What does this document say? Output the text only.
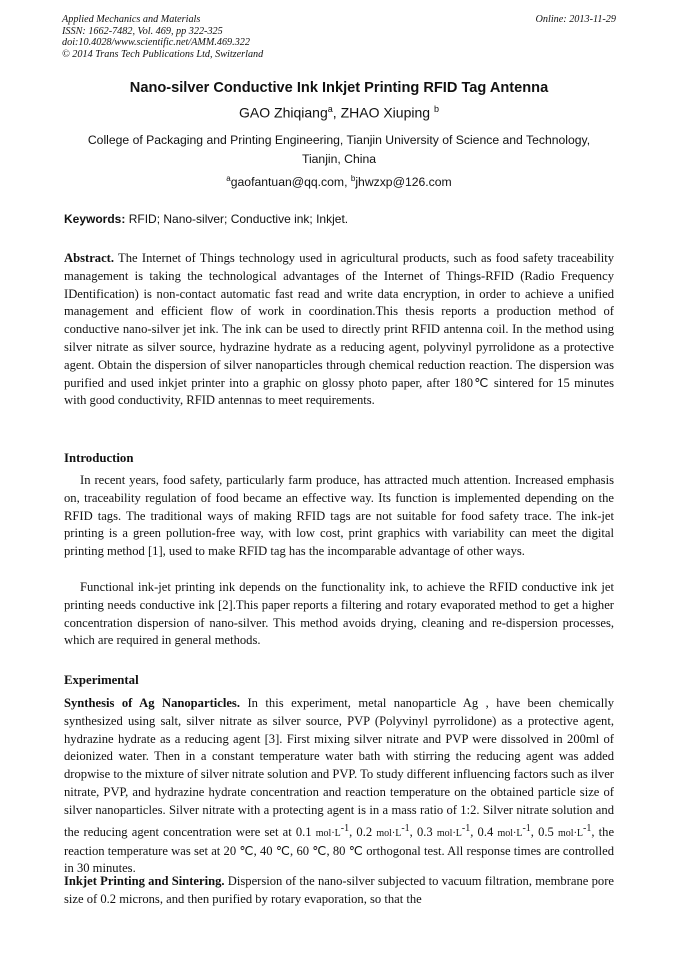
Applied Mechanics and Materials
ISSN: 1662-7482, Vol. 469, pp 322-325
doi:10.4028/www.scientific.net/AMM.469.322
© 2014 Trans Tech Publications Ltd, Switzerland
Online: 2013-11-29
Nano-silver Conductive Ink Inkjet Printing RFID Tag Antenna
GAO Zhiqiang$^a$, ZHAO Xiuping $^b$
College of Packaging and Printing Engineering, Tianjin University of Science and Technology, Tianjin, China
$^a$gaofantuan@qq.com, $^b$jhwzxp@126.com
Keywords: RFID; Nano-silver; Conductive ink; Inkjet.
Abstract. The Internet of Things technology used in agricultural products, such as food safety traceability management is taking the technological advantages of the Internet of Things-RFID (Radio Frequency IDentification) is non-contact automatic fast read and write data encryption, in order to achieve a unified management and efficient flow of work in coordination.This thesis reports a production method of conductive nano-silver jet ink. The ink can be used to directly print RFID antenna coil. In the method using silver nitrate as silver source, hydrazine hydrate as a reducing agent, polyvinyl pyrrolidone as a protective agent. Obtain the dispersion of silver nanoparticles through chemical reduction reaction. The dispersion was purified and used inkjet printer into a graphic on glossy photo paper, after 180℃ sintered for 15 minutes with good conductivity, RFID antennas to meet requirements.
Introduction
In recent years, food safety, particularly farm produce, has attracted much attention. Increased emphasis on, traceability regulation of food became an effective way. Its function is implemented depending on the RFID tags. The traditional ways of making RFID tags are not suitable for food safety trace. The ink-jet printing is a green pollution-free way, with low cost, print graphics with variability can meet the digital printing method [1], used to make RFID tag has the incomparable advantage of other ways.
Functional ink-jet printing ink depends on the functionality ink, to achieve the RFID conductive ink jet printing needs conductive ink [2].This paper reports a filtering and rotary evaporated method to get a higher concentration dispersion of nano-silver. This method avoids drying, cleaning and re-dispersion processes, which are required in general methods.
Experimental
Synthesis of Ag Nanoparticles. In this experiment, metal nanoparticle Ag , have been chemically synthesized using salt, silver nitrate as silver source, PVP (Polyvinyl pyrrolidone) as a protective agent, hydrazine hydrate as a reducing agent [3]. First mixing silver nitrate and PVP were dissolved in 200ml of deionized water. Then in a constant temperature water bath with stirring the reducing agent was added dropwise to the mixture of silver nitrate solution and PVP. To study different influencing factors such as ilver nitrate, PVP, and hydrazine hydrate concentration and reaction temperature on the obtained particle size of silver nanoparticles. Silver nitrate with a protecting agent is in a mass ratio of 1:2. Silver nitrate solution and the reducing agent concentration were set at 0.1 $mol\cdot L^{-1}$, 0.2 $mol\cdot L^{-1}$, 0.3 $mol\cdot L^{-1}$, 0.4 $mol\cdot L^{-1}$, 0.5 $mol\cdot L^{-1}$, the reaction temperature was set at 20 ℃, 40 ℃, 60 ℃, 80 ℃ orthogonal test. All response times are controlled in 30 minutes.
Inkjet Printing and Sintering. Dispersion of the nano-silver subjected to vacuum filtration, membrane pore size of 0.2 microns, and then purified by rotary evaporation, so that the
